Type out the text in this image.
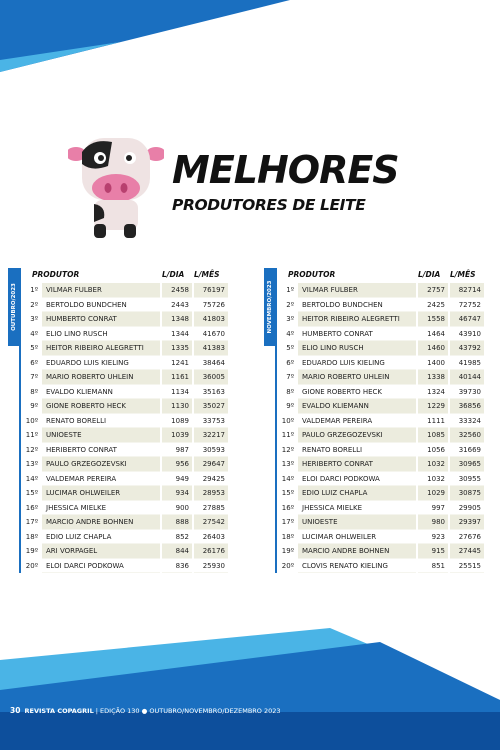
MELHORES
PRODUTORES DE LEITE
OUTUBRO/2023
PRODUTOR	L/DIA L/MÊS
1º	VILMAR FULBER	2458	76197
2º	BERTOLDO BUNDCHEN	2443	75726
3º	HUMBERTO CONRAT	1348	41803
4º	ELIO LINO RUSCH	1344	41670
5º	HEITOR RIBEIRO ALEGRETTI	1335	41383
6º	EDUARDO LUIS KIELING	1241	38464
7º	MARIO ROBERTO UHLEIN	1161	36005
8º	EVALDO KLIEMANN	1134	35163
9º	GIONE ROBERTO HECK	1130	35027
10º	RENATO BORELLI	1089	33753
11º	UNIOESTE	1039	32217
12º	HERIBERTO CONRAT	987	30593
13º	PAULO GRZEGOZEVSKI	956	29647
14º	VALDEMAR PEREIRA	949	29425
15º	LUCIMAR OHLWEILER	934	28953
16º	JHESSICA MIELKE	900	27885
17º	MARCIO ANDRE BOHNEN	888	27542
18º	EDIO LUIZ CHAPLA	852	26403
19º	ARI VORPAGEL	844	26176
20º	ELOI DARCI PODKOWA	836	25930
NOVEMBRO/2023
PRODUTOR	L/DIA L/MÊS
1º	VILMAR FULBER	2757	82714
2º	BERTOLDO BUNDCHEN	2425	72752
3º	HEITOR RIBEIRO ALEGRETTI	1558	46747
4º	HUMBERTO CONRAT	1464	43910
5º	ELIO LINO RUSCH	1460	43792
6º	EDUARDO LUIS KIELING	1400	41985
7º	MARIO ROBERTO UHLEIN	1338	40144
8º	GIONE ROBERTO HECK	1324	39730
9º	EVALDO KLIEMANN	1229	36856
10º	VALDEMAR PEREIRA	1111	33324
11º	PAULO GRZEGOZEVSKI	1085	32560
12º	RENATO BORELLI	1056	31669
13º	HERIBERTO CONRAT	1032	30965
14º	ELOI DARCI PODKOWA	1032	30955
15º	EDIO LUIZ CHAPLA	1029	30875
16º	JHESSICA MIELKE	997	29905
17º	UNIOESTE	980	29397
18º	LUCIMAR OHLWEILER	923	27676
19º	MARCIO ANDRE BOHNEN	915	27445
20º	CLOVIS RENATO KIELING	851	25515
30 REVISTA COPAGRIL | EDIÇÃO 130 ● OUTUBRO/NOVEMBRO/DEZEMBRO 2023
